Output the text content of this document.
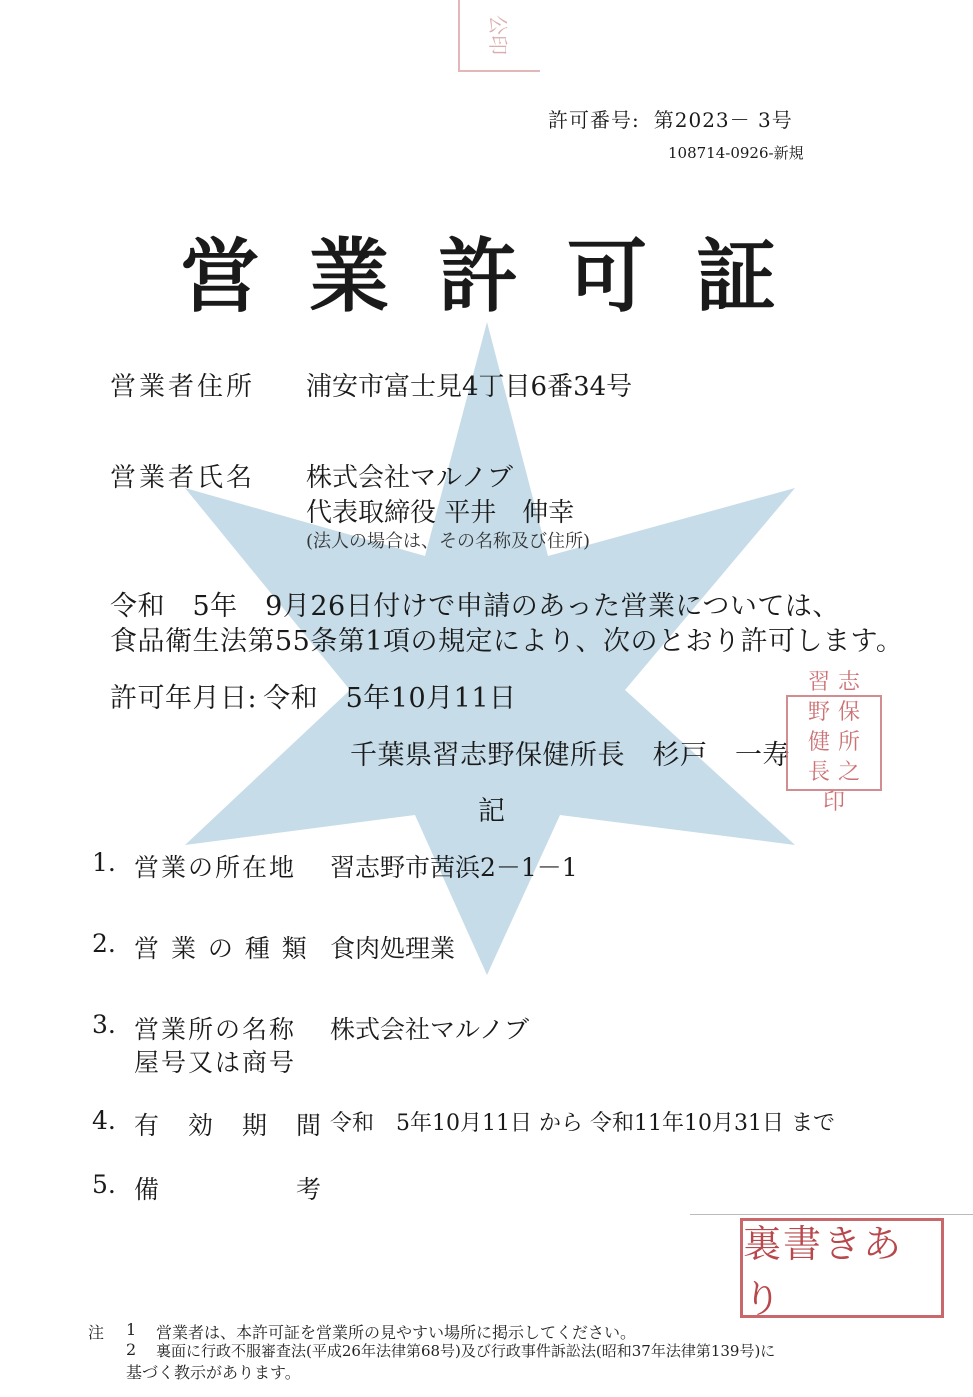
公印
許可番号: 第2023－ 3号
108714-0926-新規
営業許可証
営業者住所 浦安市富士見4丁目6番34号
営業者氏名 株式会社マルノブ
代表取締役 平井　伸幸
(法人の場合は、その名称及び住所)
令和　5年　9月26日付けで申請のあった営業については、
食品衛生法第55条第1項の規定により、次のとおり許可します。
許可年月日: 令和　5年10月11日
千葉県習志野保健所長　杉戸　一寿
習 志
野 保
健 所
長 之
印
記
1. 営業の所在地 習志野市茜浜2－1－1
2. 営 業 の 種 類 食肉処理業
3. 営業所の名称
屋号又は商号
株式会社マルノブ
4. 有　効　期　間 令和　5年10月11日 から 令和11年10月31日 まで
5. 備　　　　　考
裏書きあり
注 1 営業者は、本許可証を営業所の見やすい場所に掲示してください。
2 裏面に行政不服審査法(平成26年法律第68号)及び行政事件訴訟法(昭和37年法律第139号)に
基づく教示があります。
